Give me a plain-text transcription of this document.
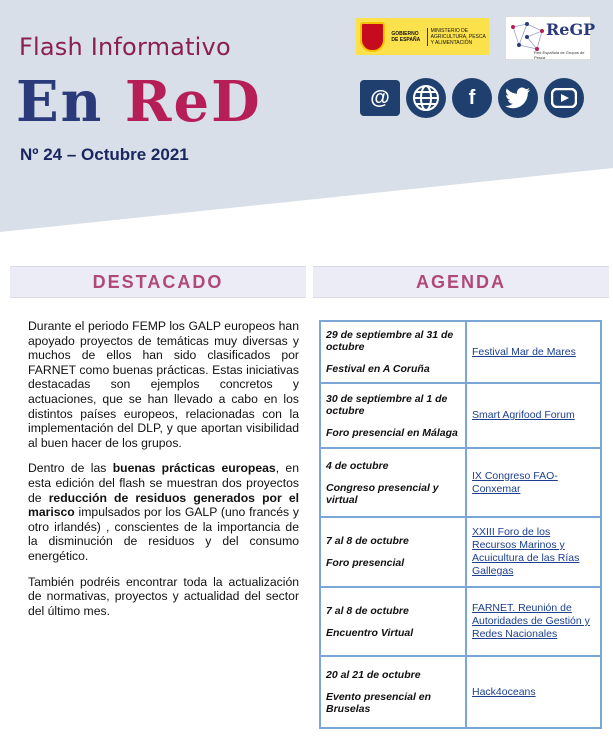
Flash Informativo
En ReD
Nº 24 – Octubre 2021
GOBIERNO DE ESPAÑA
MINISTERIO DE AGRICULTURA, PESCA Y ALIMENTACIÓN
ReGP
Red Española de Grupos de Pesca
@	f
DESTACADO	AGENDA

Durante el periodo FEMP los GALP europeos han apoyado proyectos de temáticas muy diversas y muchos de ellos han sido clasificados por FARNET como buenas prácticas. Estas iniciativas destacadas son ejemplos concretos y actuaciones, que se han llevado a cabo en los distintos países europeos, relacionadas con la implementación del DLP, y que aportan visibilidad al buen hacer de los grupos.

Dentro de las buenas prácticas europeas, en esta edición del flash se muestran dos proyectos de reducción de residuos generados por el marisco impulsados por los GALP (uno francés y otro irlandés) , conscientes de la importancia de la disminución de residuos y del consumo energético.

También podréis encontrar toda la actualización de normativas, proyectos y actualidad del sector del último mes.

29 de septiembre al 31 de octubre
Festival en A Coruña	Festival Mar de Mares

30 de septiembre al 1 de octubre
Foro presencial en Málaga	Smart Agrifood Forum

4 de octubre
Congreso presencial y virtual	IX Congreso FAO-Conxemar

7 al 8 de octubre
Foro presencial	XXIII Foro de los Recursos Marinos y Acuicultura de las Rías Gallegas

7 al 8 de octubre
Encuentro Virtual	FARNET. Reunión de Autoridades de Gestión y Redes Nacionales

20 al 21 de octubre
Evento presencial en Bruselas	Hack4oceans
